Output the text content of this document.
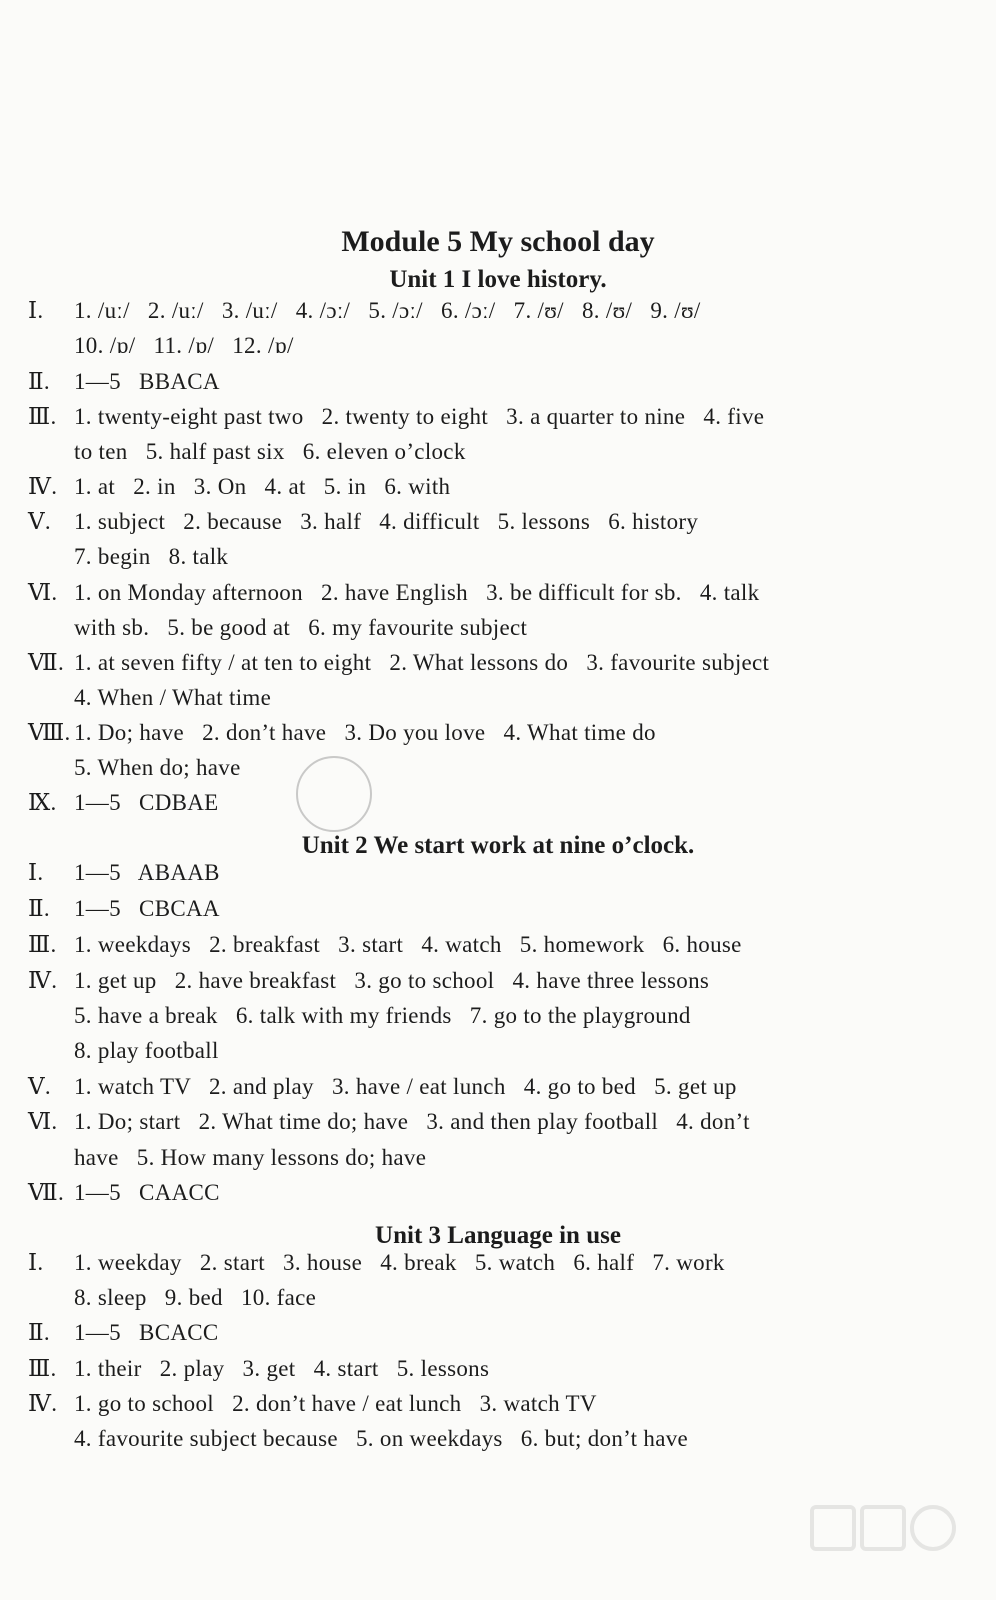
Module 5 My school day
Unit 1 I love history.
Ⅰ. 1. /uː/   2. /uː/   3. /uː/   4. /ɔː/   5. /ɔː/   6. /ɔː/   7. /ʊ/   8. /ʊ/   9. /ʊ/
10. /ɒ/   11. /ɒ/   12. /ɒ/
Ⅱ. 1—5   BBACA
Ⅲ. 1. twenty-eight past two   2. twenty to eight   3. a quarter to nine   4. five
to ten   5. half past six   6. eleven o’clock
Ⅳ. 1. at   2. in   3. On   4. at   5. in   6. with
Ⅴ. 1. subject   2. because   3. half   4. difficult   5. lessons   6. history
7. begin   8. talk
Ⅵ. 1. on Monday afternoon   2. have English   3. be difficult for sb.   4. talk
with sb.   5. be good at   6. my favourite subject
Ⅶ. 1. at seven fifty / at ten to eight   2. What lessons do   3. favourite subject
4. When / What time
Ⅷ. 1. Do; have   2. don’t have   3. Do you love   4. What time do
5. When do; have
Ⅸ. 1—5   CDBAE
Unit 2 We start work at nine o’clock.
Ⅰ. 1—5   ABAAB
Ⅱ. 1—5   CBCAA
Ⅲ. 1. weekdays   2. breakfast   3. start   4. watch   5. homework   6. house
Ⅳ. 1. get up   2. have breakfast   3. go to school   4. have three lessons
5. have a break   6. talk with my friends   7. go to the playground
8. play football
Ⅴ. 1. watch TV   2. and play   3. have / eat lunch   4. go to bed   5. get up
Ⅵ. 1. Do; start   2. What time do; have   3. and then play football   4. don’t
have   5. How many lessons do; have
Ⅶ. 1—5   CAACC
Unit 3 Language in use
Ⅰ. 1. weekday   2. start   3. house   4. break   5. watch   6. half   7. work
8. sleep   9. bed   10. face
Ⅱ. 1—5   BCACC
Ⅲ. 1. their   2. play   3. get   4. start   5. lessons
Ⅳ. 1. go to school   2. don’t have / eat lunch   3. watch TV
4. favourite subject because   5. on weekdays   6. but; don’t have
